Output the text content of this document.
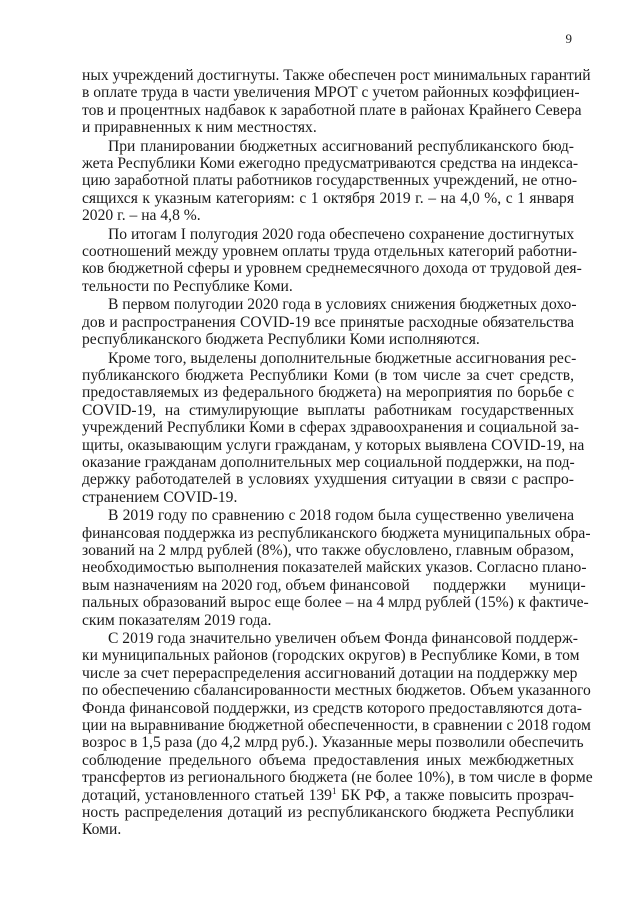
9
ных учреждений достигнуты. Также обеспечен рост минимальных гарантий
в оплате труда в части увеличения МРОТ с учетом районных коэффициен-
тов и процентных надбавок к заработной плате в районах Крайнего Севера
и приравненных к ним местностях.
При планировании бюджетных ассигнований республиканского бюд-
жета Республики Коми ежегодно предусматриваются средства на индекса-
цию заработной платы работников государственных учреждений, не отно-
сящихся к указным категориям: с 1 октября 2019 г. – на 4,0 %, с 1 января
2020 г. – на 4,8 %.
По итогам I полугодия 2020 года обеспечено сохранение достигнутых
соотношений между уровнем оплаты труда отдельных категорий работни-
ков бюджетной сферы и уровнем среднемесячного дохода от трудовой дея-
тельности по Республике Коми.
В первом полугодии 2020 года в условиях снижения бюджетных дохо-
дов и распространения COVID-19 все принятые расходные обязательства
республиканского бюджета Республики Коми исполняются.
Кроме того, выделены дополнительные бюджетные ассигнования рес-
публиканского бюджета Республики Коми (в том числе за счет средств,
предоставляемых из федерального бюджета) на мероприятия по борьбе с
COVID-19, на стимулирующие выплаты работникам государственных
учреждений Республики Коми в сферах здравоохранения и социальной за-
щиты, оказывающим услуги гражданам, у которых выявлена COVID-19, на
оказание гражданам дополнительных мер социальной поддержки, на под-
держку работодателей в условиях ухудшения ситуации в связи с распро-
странением COVID-19.
В 2019 году по сравнению с 2018 годом была существенно увеличена
финансовая поддержка из республиканского бюджета муниципальных обра-
зований на 2 млрд рублей (8%), что также обусловлено, главным образом,
необходимостью выполнения показателей майских указов. Согласно плано-
вым назначениям на 2020 год, объем финансовой      поддержки      муници-
пальных образований вырос еще более – на 4 млрд рублей (15%) к фактиче-
ским показателям 2019 года.
С 2019 года значительно увеличен объем Фонда финансовой поддерж-
ки муниципальных районов (городских округов) в Республике Коми, в том
числе за счет перераспределения ассигнований дотации на поддержку мер
по обеспечению сбалансированности местных бюджетов. Объем указанного
Фонда финансовой поддержки, из средств которого предоставляются дота-
ции на выравнивание бюджетной обеспеченности, в сравнении с 2018 годом
возрос в 1,5 раза (до 4,2 млрд руб.). Указанные меры позволили обеспечить
соблюдение предельного объема предоставления иных межбюджетных
трансфертов из регионального бюджета (не более 10%), в том числе в форме
дотаций, установленного статьей $139^1$ БК РФ, а также повысить прозрач-
ность распределения дотаций из республиканского бюджета Республики
Коми.
